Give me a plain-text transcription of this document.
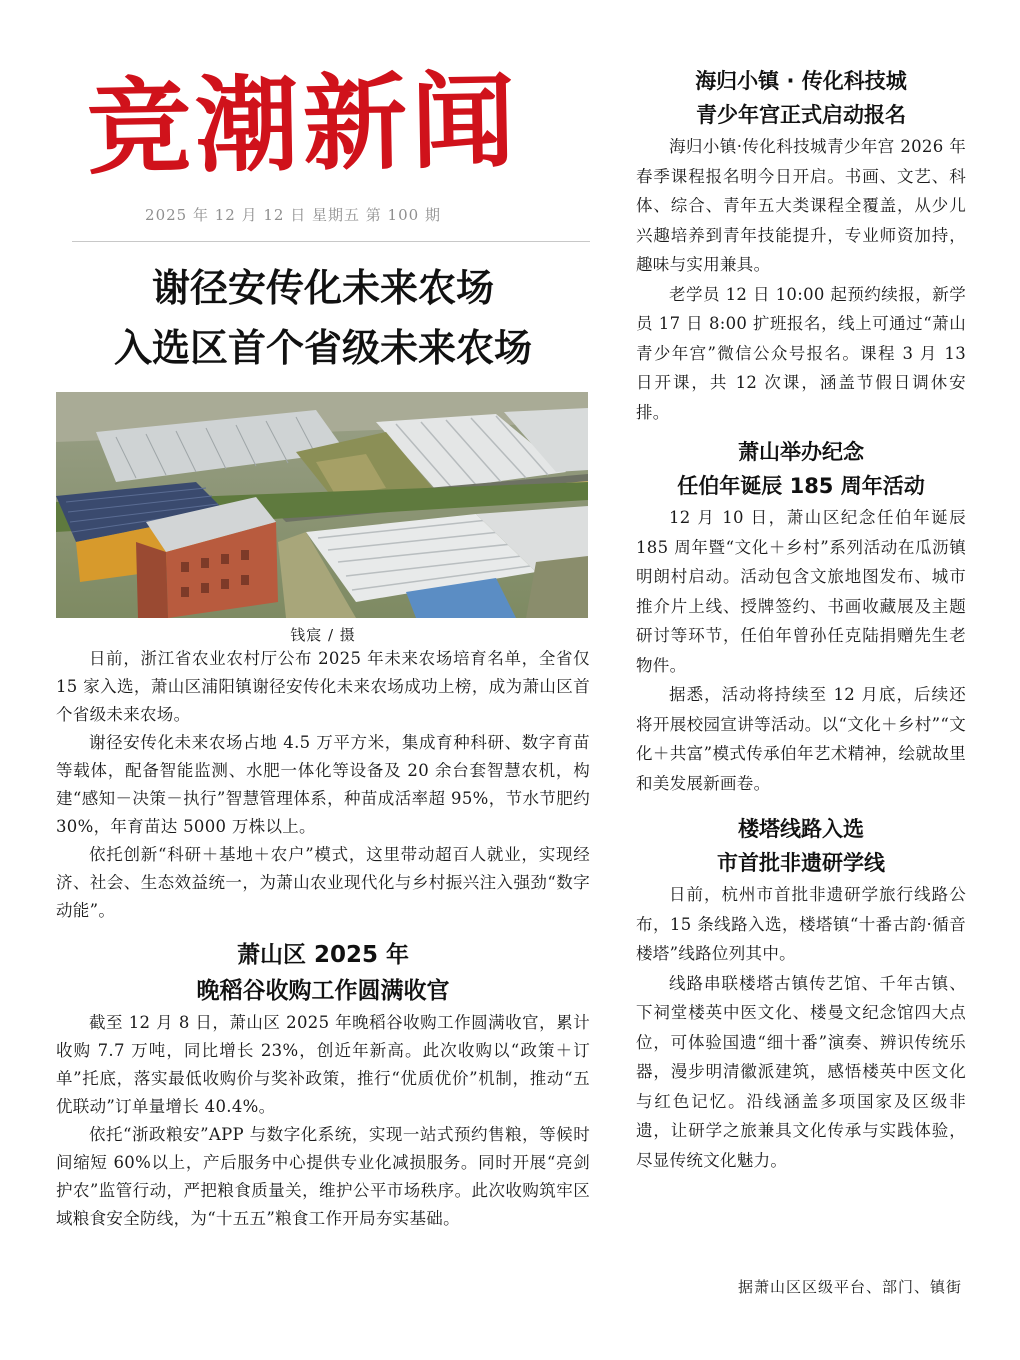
竞潮新闻
2025 年 12 月 12 日 星期五 第 100 期
谢径安传化未来农场
入选区首个省级未来农场
钱宸 / 摄

日前，浙江省农业农村厅公布 2025 年未来农场培育名单，全省仅 15 家入选，萧山区浦阳镇谢径安传化未来农场成功上榜，成为萧山区首个省级未来农场。

谢径安传化未来农场占地 4.5 万平方米，集成育种科研、数字育苗等载体，配备智能监测、水肥一体化等设备及 20 余台套智慧农机，构建“感知－决策－执行”智慧管理体系，种苗成活率超 95%，节水节肥约 30%，年育苗达 5000 万株以上。

依托创新“科研＋基地＋农户”模式，这里带动超百人就业，实现经济、社会、生态效益统一，为萧山农业现代化与乡村振兴注入强劲“数字动能”。

萧山区 2025 年
晚稻谷收购工作圆满收官

截至 12 月 8 日，萧山区 2025 年晚稻谷收购工作圆满收官，累计收购 7.7 万吨，同比增长 23%，创近年新高。此次收购以“政策＋订单”托底，落实最低收购价与奖补政策，推行“优质优价”机制，推动“五优联动”订单量增长 40.4%。

依托“浙政粮安”APP 与数字化系统，实现一站式预约售粮，等候时间缩短 60%以上，产后服务中心提供专业化减损服务。同时开展“亮剑护农”监管行动，严把粮食质量关，维护公平市场秩序。此次收购筑牢区域粮食安全防线，为“十五五”粮食工作开局夯实基础。

海归小镇 · 传化科技城
青少年宫正式启动报名

海归小镇·传化科技城青少年宫 2026 年春季课程报名明今日开启。书画、文艺、科体、综合、青年五大类课程全覆盖，从少儿兴趣培养到青年技能提升，专业师资加持，趣味与实用兼具。

老学员 12 日 10:00 起预约续报，新学员 17 日 8:00 扩班报名，线上可通过“萧山青少年宫”微信公众号报名。课程 3 月 13 日开课，共 12 次课，涵盖节假日调休安排。

萧山举办纪念
任伯年诞辰 185 周年活动

12 月 10 日，萧山区纪念任伯年诞辰 185 周年暨“文化＋乡村”系列活动在瓜沥镇明朗村启动。活动包含文旅地图发布、城市推介片上线、授牌签约、书画收藏展及主题研讨等环节，任伯年曾孙任克陆捐赠先生老物件。

据悉，活动将持续至 12 月底，后续还将开展校园宣讲等活动。以“文化＋乡村”“文化＋共富”模式传承伯年艺术精神，绘就故里和美发展新画卷。

楼塔线路入选
市首批非遗研学线

日前，杭州市首批非遗研学旅行线路公布，15 条线路入选，楼塔镇“十番古韵·循音楼塔”线路位列其中。

线路串联楼塔古镇传艺馆、千年古镇、下祠堂楼英中医文化、楼曼文纪念馆四大点位，可体验国遗“细十番”演奏、辨识传统乐器，漫步明清徽派建筑，感悟楼英中医文化与红色记忆。沿线涵盖多项国家及区级非遗，让研学之旅兼具文化传承与实践体验，尽显传统文化魅力。

据萧山区区级平台、部门、镇街
